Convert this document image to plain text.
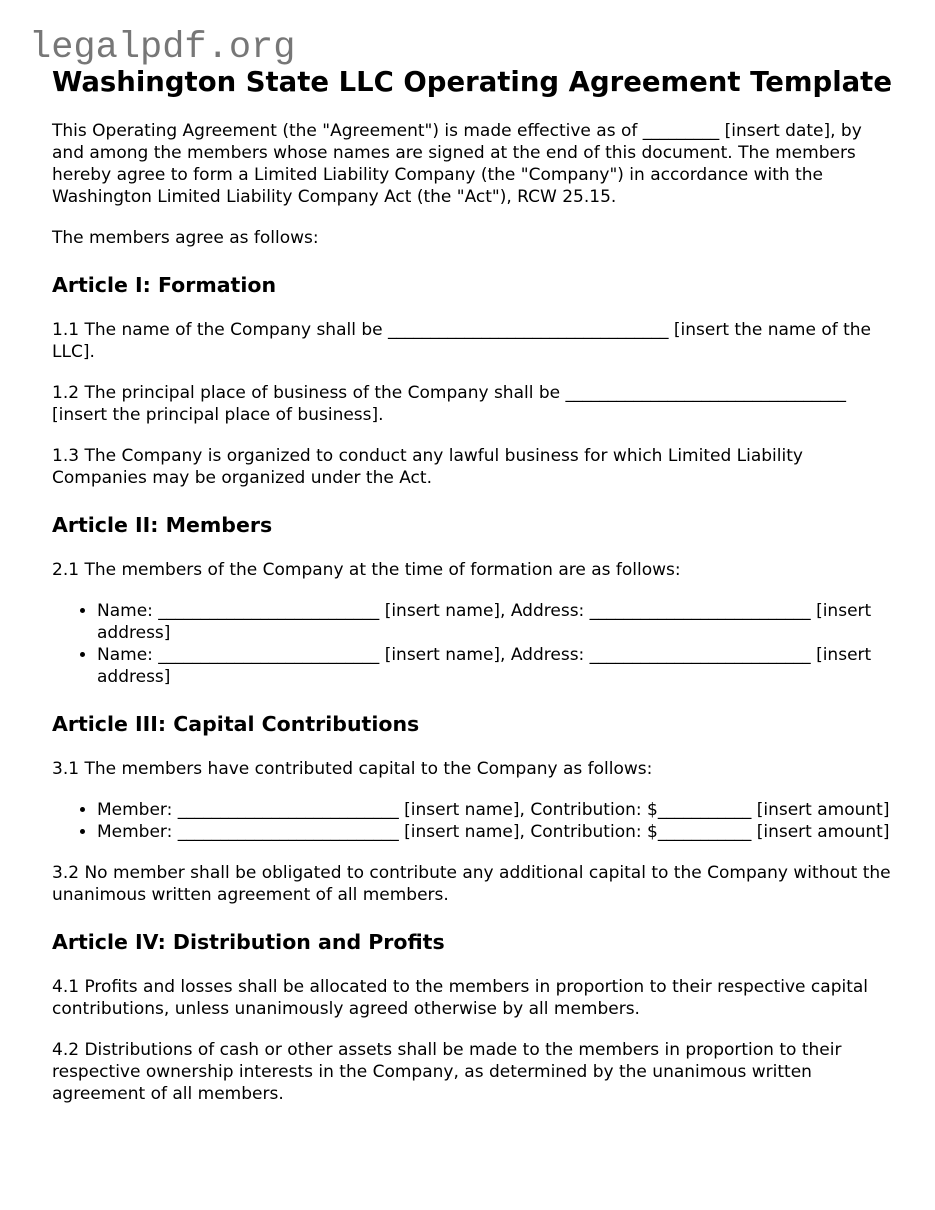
legalpdf.org
Washington State LLC Operating Agreement Template

This Operating Agreement (the "Agreement") is made effective as of _________ [insert date], by and among the members whose names are signed at the end of this document. The members hereby agree to form a Limited Liability Company (the "Company") in accordance with the Washington Limited Liability Company Act (the "Act"), RCW 25.15.

The members agree as follows:

Article I: Formation

1.1 The name of the Company shall be _________________________________ [insert the name of the LLC].

1.2 The principal place of business of the Company shall be _________________________________ [insert the principal place of business].

1.3 The Company is organized to conduct any lawful business for which Limited Liability Companies may be organized under the Act.

Article II: Members

2.1 The members of the Company at the time of formation are as follows:

• Name: __________________________ [insert name], Address: __________________________ [insert address]
• Name: __________________________ [insert name], Address: __________________________ [insert address]
Article III: Capital Contributions

3.1 The members have contributed capital to the Company as follows:

• Member: __________________________ [insert name], Contribution: $___________ [insert amount]
• Member: __________________________ [insert name], Contribution: $___________ [insert amount]

3.2 No member shall be obligated to contribute any additional capital to the Company without the unanimous written agreement of all members.

Article IV: Distribution and Profits

4.1 Profits and losses shall be allocated to the members in proportion to their respective capital contributions, unless unanimously agreed otherwise by all members.

4.2 Distributions of cash or other assets shall be made to the members in proportion to their respective ownership interests in the Company, as determined by the unanimous written agreement of all members.
